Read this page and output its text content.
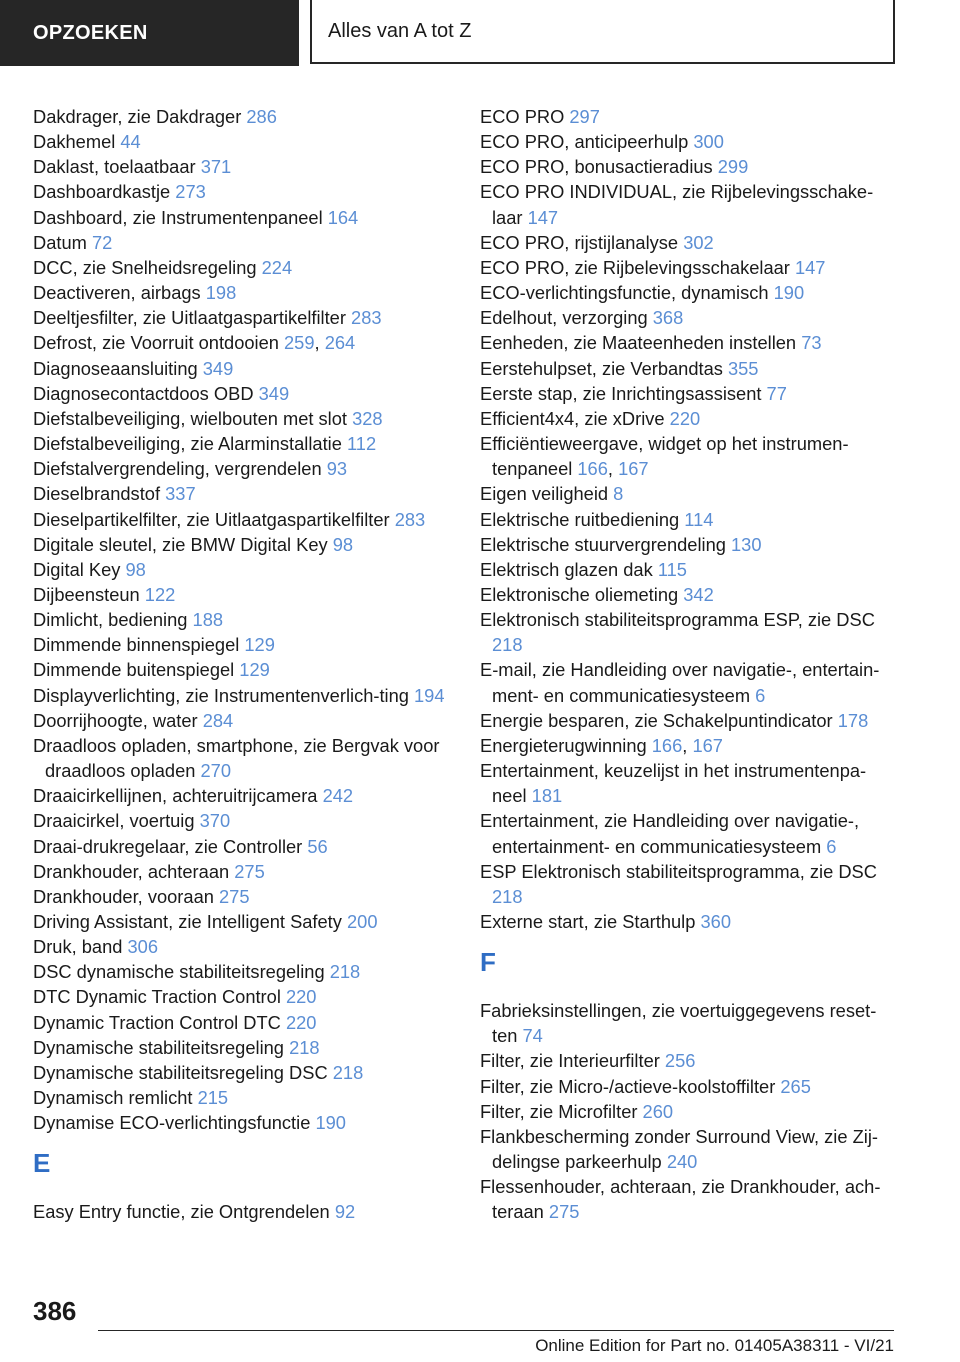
OPZOEKEN	Alles van A tot Z
Dakdrager, zie Dakdrager 286
Dakhemel 44
Daklast, toelaatbaar 371
Dashboardkastje 273
Dashboard, zie Instrumentenpaneel 164
Datum 72
DCC, zie Snelheidsregeling 224
Deactiveren, airbags 198
Deeltjesfilter, zie Uitlaatgaspartikelfilter 283
Defrost, zie Voorruit ontdooien 259, 264
Diagnoseaansluiting 349
Diagnosecontactdoos OBD 349
Diefstalbeveiliging, wielbouten met slot 328
Diefstalbeveiliging, zie Alarminstallatie 112
Diefstalvergrendeling, vergrendelen 93
Dieselbrandstof 337
Dieselpartikelfilter, zie Uitlaatgaspartikelfilter 283
Digitale sleutel, zie BMW Digital Key 98
Digital Key 98
Dijbeensteun 122
Dimlicht, bediening 188
Dimmende binnenspiegel 129
Dimmende buitenspiegel 129
Displayverlichting, zie Instrumentenverlich‐ting 194
Doorrijhoogte, water 284
Draadloos opladen, smartphone, zie Bergvak voor draadloos opladen 270
Draaicirkellijnen, achteruitrijcamera 242
Draaicirkel, voertuig 370
Draai-drukregelaar, zie Controller 56
Drankhouder, achteraan 275
Drankhouder, vooraan 275
Driving Assistant, zie Intelligent Safety 200
Druk, band 306
DSC dynamische stabiliteitsregeling 218
DTC Dynamic Traction Control 220
Dynamic Traction Control DTC 220
Dynamische stabiliteitsregeling 218
Dynamische stabiliteitsregeling DSC 218
Dynamisch remlicht 215
Dynamise ECO-verlichtingsfunctie 190
E
Easy Entry functie, zie Ontgrendelen 92
ECO PRO 297
ECO PRO, anticipeerhulp 300
ECO PRO, bonusactieradius 299
ECO PRO INDIVIDUAL, zie Rijbelevingsschake‐laar 147
ECO PRO, rijstijlanalyse 302
ECO PRO, zie Rijbelevingsschakelaar 147
ECO-verlichtingsfunctie, dynamisch 190
Edelhout, verzorging 368
Eenheden, zie Maateenheden instellen 73
Eerstehulpset, zie Verbandtas 355
Eerste stap, zie Inrichtingsassisent 77
Efficient4x4, zie xDrive 220
Efficiëntieweergave, widget op het instrumen‐tenpaneel 166, 167
Eigen veiligheid 8
Elektrische ruitbediening 114
Elektrische stuurvergrendeling 130
Elektrisch glazen dak 115
Elektronische oliemeting 342
Elektronisch stabiliteitsprogramma ESP, zie DSC 218
E-mail, zie Handleiding over navigatie-, entertain‐ment- en communicatiesysteem 6
Energie besparen, zie Schakelpuntindicator 178
Energieterugwinning 166, 167
Entertainment, keuzelijst in het instrumentenpa‐neel 181
Entertainment, zie Handleiding over navigatie-, entertainment- en communicatiesysteem 6
ESP Elektronisch stabiliteitsprogramma, zie DSC 218
Externe start, zie Starthulp 360
F
Fabrieksinstellingen, zie voertuiggegevens reset‐ten 74
Filter, zie Interieurfilter 256
Filter, zie Micro-/actieve-koolstoffilter 265
Filter, zie Microfilter 260
Flankbescherming zonder Surround View, zie Zij‐delingse parkeerhulp 240
Flessenhouder, achteraan, zie Drankhouder, ach‐teraan 275
386
Online Edition for Part no. 01405A38311 - VI/21
